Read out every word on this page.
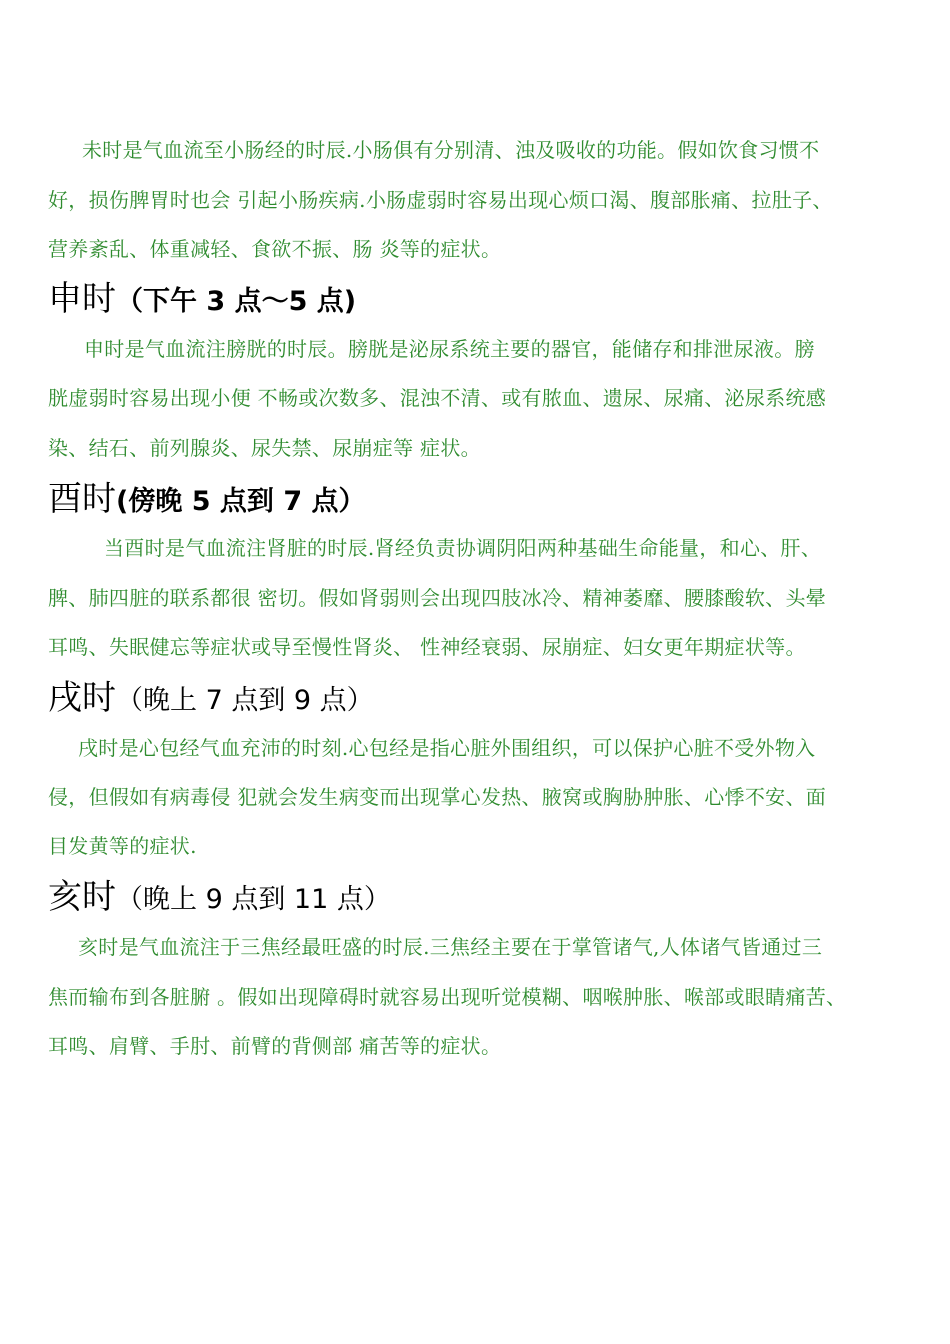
未时是气血流至小肠经的时辰.小肠俱有分别清、浊及吸收的功能。假如饮食习惯不
好，损伤脾胃时也会 引起小肠疾病.小肠虚弱时容易出现心烦口渴、腹部胀痛、拉肚子、
营养紊乱、体重减轻、食欲不振、肠 炎等的症状。
申时（下午 3 点～5 点)
申时是气血流注膀胱的时辰。膀胱是泌尿系统主要的器官，能储存和排泄尿液。膀
胱虚弱时容易出现小便 不畅或次数多、混浊不清、或有脓血、遗尿、尿痛、泌尿系统感
染、结石、前列腺炎、尿失禁、尿崩症等 症状。
酉时(傍晚 5 点到 7 点）
当酉时是气血流注肾脏的时辰.肾经负责协调阴阳两种基础生命能量，和心、肝、
脾、肺四脏的联系都很 密切。假如肾弱则会出现四肢冰冷、精神萎靡、腰膝酸软、头晕
耳鸣、失眠健忘等症状或导至慢性肾炎、 性神经衰弱、尿崩症、妇女更年期症状等。
戌时（晚上 7 点到 9 点）
戌时是心包经气血充沛的时刻.心包经是指心脏外围组织，可以保护心脏不受外物入
侵，但假如有病毒侵 犯就会发生病变而出现掌心发热、腋窝或胸胁肿胀、心悸不安、面
目发黄等的症状.
亥时（晚上 9 点到 11 点）
亥时是气血流注于三焦经最旺盛的时辰.三焦经主要在于掌管诸气,人体诸气皆通过三
焦而输布到各脏腑 。假如出现障碍时就容易出现听觉模糊、咽喉肿胀、喉部或眼睛痛苦、
耳鸣、肩臂、手肘、前臂的背侧部 痛苦等的症状。
